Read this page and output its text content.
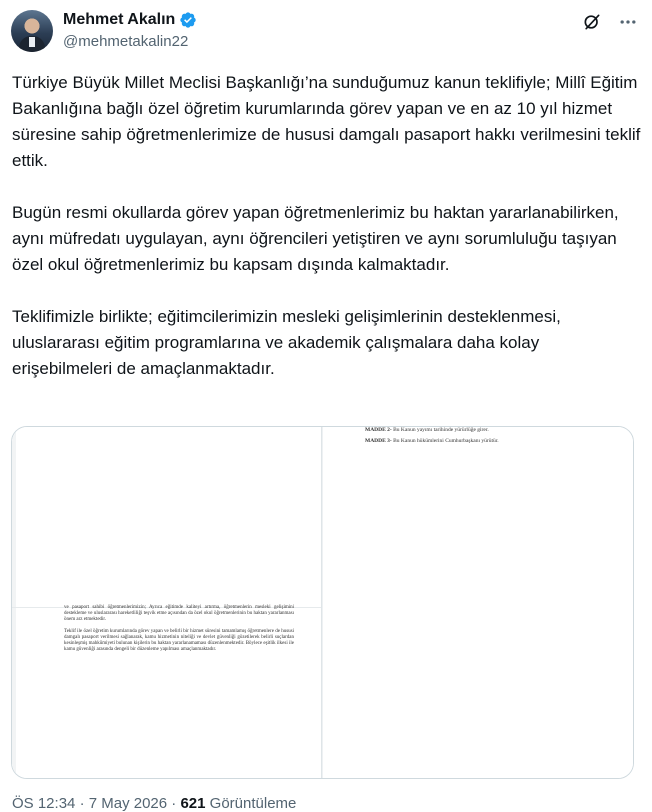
Mehmet Akalın
@mehmetakalin22

Türkiye Büyük Millet Meclisi Başkanlığı’na sunduğumuz kanun teklifiyle; Millî Eğitim Bakanlığına bağlı özel öğretim kurumlarında görev yapan ve en az 10 yıl hizmet süresine sahip öğretmenlerimize de hususi damgalı pasaport hakkı verilmesini teklif ettik.

Bugün resmi okullarda görev yapan öğretmenlerimiz bu haktan yararlanabilirken, aynı müfredatı uygulayan, aynı öğrencileri yetiştiren ve aynı sorumluluğu taşıyan özel okul öğretmenlerimiz bu kapsam dışında kalmaktadır.

Teklifimizle birlikte; eğitimcilerimizin mesleki gelişimlerinin desteklenmesi, uluslararası eğitim programlarına ve akademik çalışmalara daha kolay erişebilmeleri de amaçlanmaktadır.

ve pasaport sahibi öğretmenlerimizin; Ayrıca eğitimde kaliteyi artırma, öğretmenlerin mesleki gelişimini destekleme ve uluslararası hareketliliği teşvik etme açısından da özel okul öğretmenlerinin bu haktan yararlanması önem arz etmektedir.

Teklif ile özel öğretim kurumlarında görev yapan ve belirli bir hizmet süresini tamamlamış öğretmenlere de hususi damgalı pasaport verilmesi sağlanarak, kamu hizmetinin niteliği ve devlet güvenliği gözetilerek belirli suçlardan kesinleşmiş mahkûmiyeti bulunan kişilerin bu haktan yararlanamaması düzenlenmektedir. Böylece eşitlik ilkesi ile kamu güvenliği arasında dengeli bir düzenleme yapılması amaçlanmaktadır.

MADDE 2- Bu Kanun yayımı tarihinde yürürlüğe girer.
MADDE 3- Bu Kanun hükümlerini Cumhurbaşkanı yürütür.
ÖS 12:34 · 7 May 2026 · 621 Görüntüleme
